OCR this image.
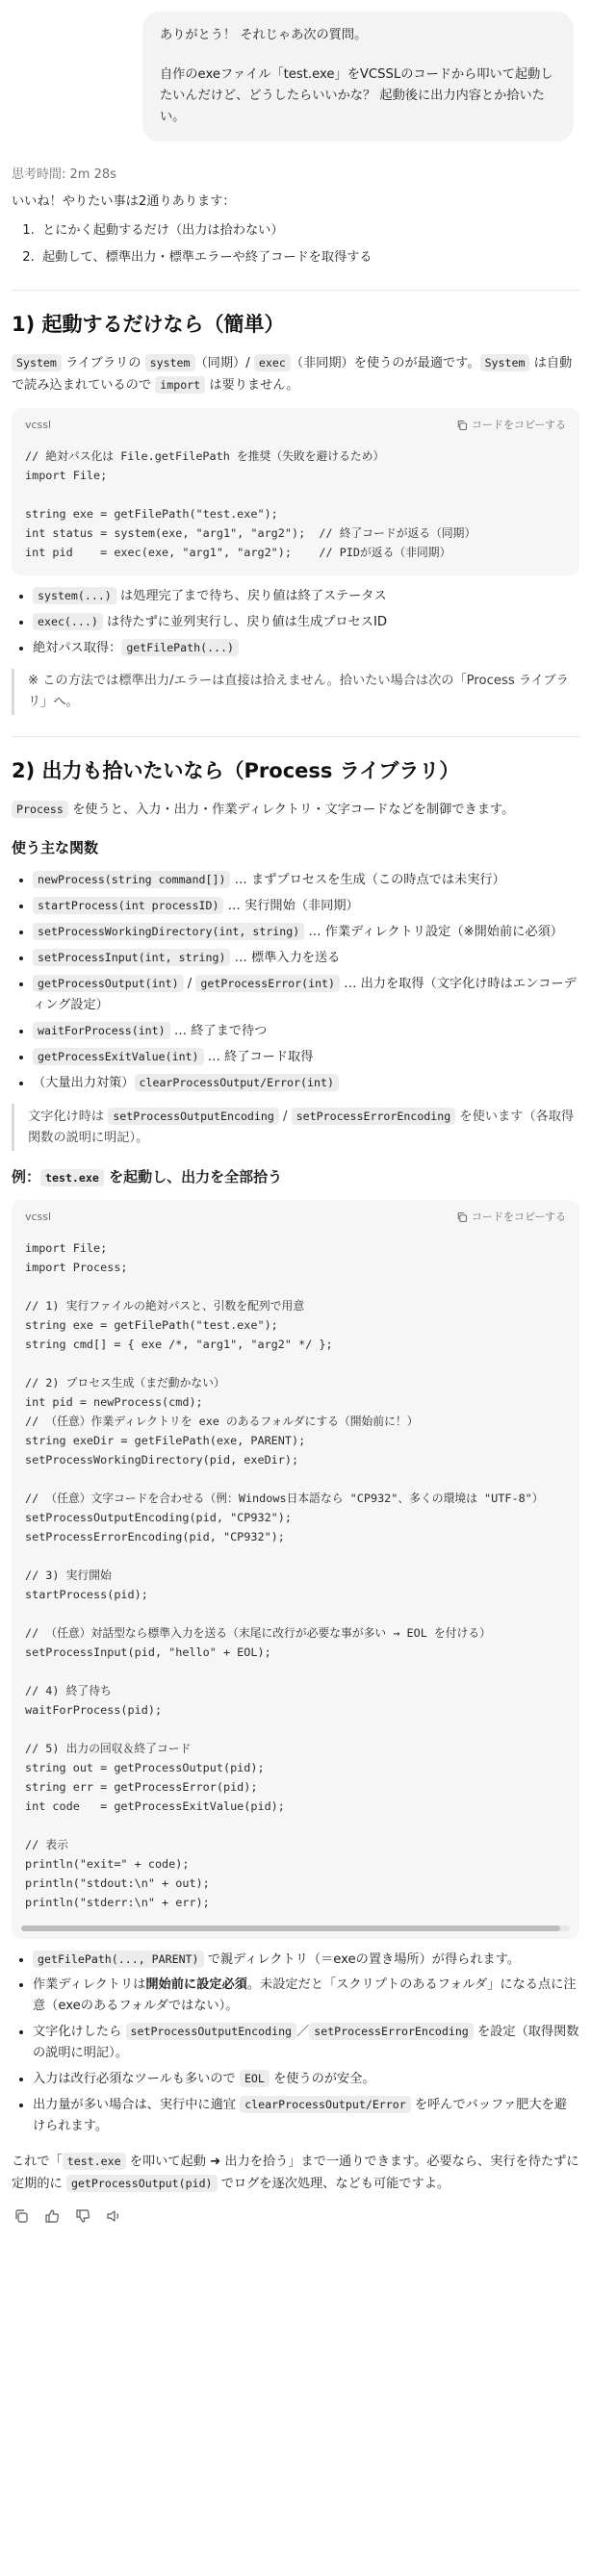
ありがとう！ それじゃあ次の質問。

自作のexeファイル「test.exe」をVCSSLのコードから叩いて起動したいんだけど、どうしたらいいかな？ 起動後に出力内容とか拾いたい。

思考時間: 2m 28s

いいね！やりたい事は2通りあります：

1. とにかく起動するだけ（出力は拾わない）
2. 起動して、標準出力・標準エラーや終了コードを取得する
1) 起動するだけなら（簡単）

System ライブラリの system （同期）/ exec （非同期）を使うのが最適です。 System は自動で読み込まれているので import は要りません。

vcssl	コードをコピーする
// 絶対パス化は File.getFilePath を推奨（失敗を避けるため）
import File;

string exe = getFilePath("test.exe");
int status = system(exe, "arg1", "arg2");  // 終了コードが返る（同期）
int pid    = exec(exe, "arg1", "arg2");    // PIDが返る（非同期）
• system(...) は処理完了まで待ち、戻り値は終了ステータス
• exec(...) は待たずに並列実行し、戻り値は生成プロセスID
• 絶対パス取得： getFilePath(...)
※ この方法では標準出力/エラーは直接は拾えません。拾いたい場合は次の「Process ライブラリ」へ。
2) 出力も拾いたいなら（Process ライブラリ）

Process を使うと、入力・出力・作業ディレクトリ・文字コードなどを制御できます。

使う主な関数
• newProcess(string command[]) … まずプロセスを生成（この時点では未実行）
• startProcess(int processID) … 実行開始（非同期）
• setProcessWorkingDirectory(int, string) … 作業ディレクトリ設定（※開始前に必須）
• setProcessInput(int, string) … 標準入力を送る
• getProcessOutput(int) / getProcessError(int) … 出力を取得（文字化け時はエンコーディング設定）
• waitForProcess(int) … 終了まで待つ
• getProcessExitValue(int) … 終了コード取得
• （大量出力対策） clearProcessOutput/Error(int)
文字化け時は setProcessOutputEncoding / setProcessErrorEncoding を使います（各取得関数の説明に明記）。
例： test.exe を起動し、出力を全部拾う
vcssl	コードをコピーする
import File;
import Process;

// 1) 実行ファイルの絶対パスと、引数を配列で用意
string exe = getFilePath("test.exe");
string cmd[] = { exe /*, "arg1", "arg2" */ };

// 2) プロセス生成（まだ動かない）
int pid = newProcess(cmd);
// （任意）作業ディレクトリを exe のあるフォルダにする（開始前に！）
string exeDir = getFilePath(exe, PARENT);
setProcessWorkingDirectory(pid, exeDir);

// （任意）文字コードを合わせる（例：Windows日本語なら "CP932"、多くの環境は "UTF-8"）
setProcessOutputEncoding(pid, "CP932");
setProcessErrorEncoding(pid, "CP932");

// 3) 実行開始
startProcess(pid);

// （任意）対話型なら標準入力を送る（末尾に改行が必要な事が多い → EOL を付ける）
setProcessInput(pid, "hello" + EOL);

// 4) 終了待ち
waitForProcess(pid);

// 5) 出力の回収＆終了コード
string out = getProcessOutput(pid);
string err = getProcessError(pid);
int code   = getProcessExitValue(pid);

// 表示
println("exit=" + code);
println("stdout:\n" + out);
println("stderr:\n" + err);
• getFilePath(..., PARENT) で親ディレクトリ（＝exeの置き場所）が得られます。
• 作業ディレクトリは開始前に設定必須。未設定だと「スクリプトのあるフォルダ」になる点に注意（exeのあるフォルダではない）。
• 文字化けしたら setProcessOutputEncoding ／ setProcessErrorEncoding を設定（取得関数の説明に明記）。
• 入力は改行必須なツールも多いので EOL を使うのが安全。
• 出力量が多い場合は、実行中に適宜 clearProcessOutput/Error を呼んでバッファ肥大を避けられます。

これで「 test.exe を叩いて起動 ➜ 出力を拾う」まで一通りできます。必要なら、実行を待たずに定期的に getProcessOutput(pid) でログを逐次処理、なども可能ですよ。
